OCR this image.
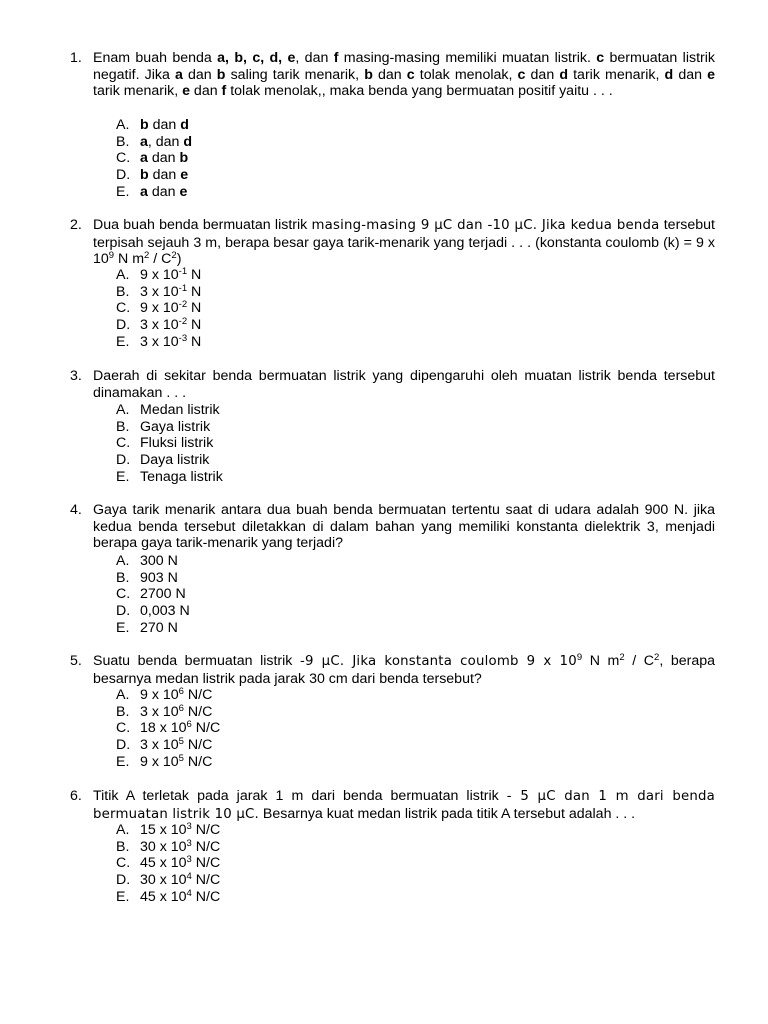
1. Enam buah benda a, b, c, d, e, dan f masing-masing memiliki muatan listrik. c bermuatan listrik negatif. Jika a dan b saling tarik menarik, b dan c tolak menolak, c dan d tarik menarik, d dan e tarik menarik, e dan f tolak menolak,, maka benda yang bermuatan positif yaitu . . .
A. b dan d
B. a, dan d
C. a dan b
D. b dan e
E. a dan e
2. Dua buah benda bermuatan listrik masing-masing 9 µC dan -10 µC. Jika kedua benda tersebut terpisah sejauh 3 m, berapa besar gaya tarik-menarik yang terjadi . . . (konstanta coulomb (k) = 9 x $10^9$ N $m^2 / C^2$)
A. 9 x $10^{-1}$ N
B. 3 x $10^{-1}$ N
C. 9 x $10^{-2}$ N
D. 3 x $10^{-2}$ N
E. 3 x $10^{-3}$ N
3. Daerah di sekitar benda bermuatan listrik yang dipengaruhi oleh muatan listrik benda tersebut dinamakan . . .
A. Medan listrik
B. Gaya listrik
C. Fluksi listrik
D. Daya listrik
E. Tenaga listrik
4. Gaya tarik menarik antara dua buah benda bermuatan tertentu saat di udara adalah 900 N. jika kedua benda tersebut diletakkan di dalam bahan yang memiliki konstanta dielektrik 3, menjadi berapa gaya tarik-menarik yang terjadi?
A. 300 N
B. 903 N
C. 2700 N
D. 0,003 N
E. 270 N
5. Suatu benda bermuatan listrik -9 µC. Jika konstanta coulomb 9 x $10^9$ N $m^2 / C^2$, berapa besarnya medan listrik pada jarak 30 cm dari benda tersebut?
A. 9 x $10^6$ N/C
B. 3 x $10^6$ N/C
C. 18 x $10^6$ N/C
D. 3 x $10^5$ N/C
E. 9 x $10^5$ N/C
6. Titik A terletak pada jarak 1 m dari benda bermuatan listrik - 5 µC dan 1 m dari benda bermuatan listrik 10 µC. Besarnya kuat medan listrik pada titik A tersebut adalah . . .
A. 15 x $10^3$ N/C
B. 30 x $10^3$ N/C
C. 45 x $10^3$ N/C
D. 30 x $10^4$ N/C
E. 45 x $10^4$ N/C
